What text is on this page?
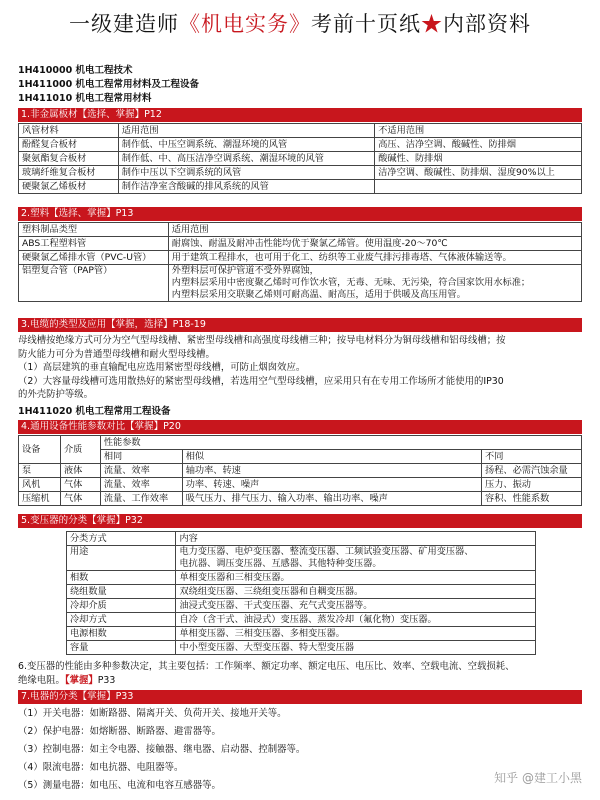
一级建造师《机电实务》考前十页纸★内部资料
1H410000 机电工程技术
1H411000 机电工程常用材料及工程设备
1H411010 机电工程常用材料
1.非金属板材【选择、掌握】P12
风管材料	适用范围	不适用范围
酚醛复合板材	制作低、中压空调系统、潮湿环境的风管	高压、洁净空调、酸碱性、防排烟
聚氨酯复合板材	制作低、中、高压洁净空调系统、潮湿环境的风管	酸碱性、防排烟
玻璃纤维复合板材	制作中压以下空调系统的风管	洁净空调、酸碱性、防排烟、湿度90%以上
硬聚氯乙烯板材	制作洁净室含酸碱的排风系统的风管	
2.塑料【选择、掌握】P13
塑料制品类型	适用范围
ABS工程塑料管	耐腐蚀、耐温及耐冲击性能均优于聚氯乙烯管。使用温度-20～70℃
硬聚氯乙烯排水管（PVC-U管）	用于建筑工程排水，也可用于化工、纺织等工业废气排污排毒塔、气体液体输送等。
铝塑复合管（PAP管）	外塑料层可保护管道不受外界腐蚀，
内塑料层采用中密度聚乙烯时可作饮水管，无毒、无味、无污染，符合国家饮用水标准；
内塑料层采用交联聚乙烯则可耐高温、耐高压，适用于供暖及高压用管。
3.电缆的类型及应用【掌握，选择】P18-19
母线槽按绝缘方式可分为空气型母线槽、紧密型母线槽和高强度母线槽三种；按导电材料分为铜母线槽和铝母线槽；按
防火能力可分为普通型母线槽和耐火型母线槽。
（1）高层建筑的垂直输配电应选用紧密型母线槽，可防止烟囱效应。
（2）大容量母线槽可选用散热好的紧密型母线槽，若选用空气型母线槽，应采用只有在专用工作场所才能使用的IP30
的外壳防护等级。
1H411020 机电工程常用工程设备
4.通用设备性能参数对比【掌握】P20
设备	介质	性能参数		
		相同	相似	不同
泵	液体	流量、效率	轴功率、转速	扬程、必需汽蚀余量
风机	气体	流量、效率	功率、转速、噪声	压力、振动
压缩机	气体	流量、工作效率	吸气压力、排气压力、输入功率、输出功率、噪声	容积、性能系数
5.变压器的分类【掌握】P32
分类方式	内容
用途	电力变压器、电炉变压器、整流变压器、工频试验变压器、矿用变压器、
电抗器、调压变压器、互感器、其他特种变压器。

相数	单相变压器和三相变压器。
绕组数量	双绕组变压器、三绕组变压器和自耦变压器。
冷却介质	油浸式变压器、干式变压器、充气式变压器等。
冷却方式	自冷（含干式、油浸式）变压器、蒸发冷却（氟化物）变压器。
电源相数	单相变压器、三相变压器、多相变压器。
容量	中小型变压器、大型变压器、特大型变压器
6.变压器的性能由多种参数决定，其主要包括：工作频率、额定功率、额定电压、电压比、效率、空载电流、空载损耗、
绝缘电阻。【掌握】P33
7.电器的分类【掌握】P33
（1）开关电器：如断路器、隔离开关、负荷开关、接地开关等。
（2）保护电器：如熔断器、断路器、避雷器等。
（3）控制电器：如主令电器、接触器、继电器、启动器、控制器等。
（4）限流电器：如电抗器、电阻器等。
（5）测量电器：如电压、电流和电容互感器等。
知乎 @建工小黑
